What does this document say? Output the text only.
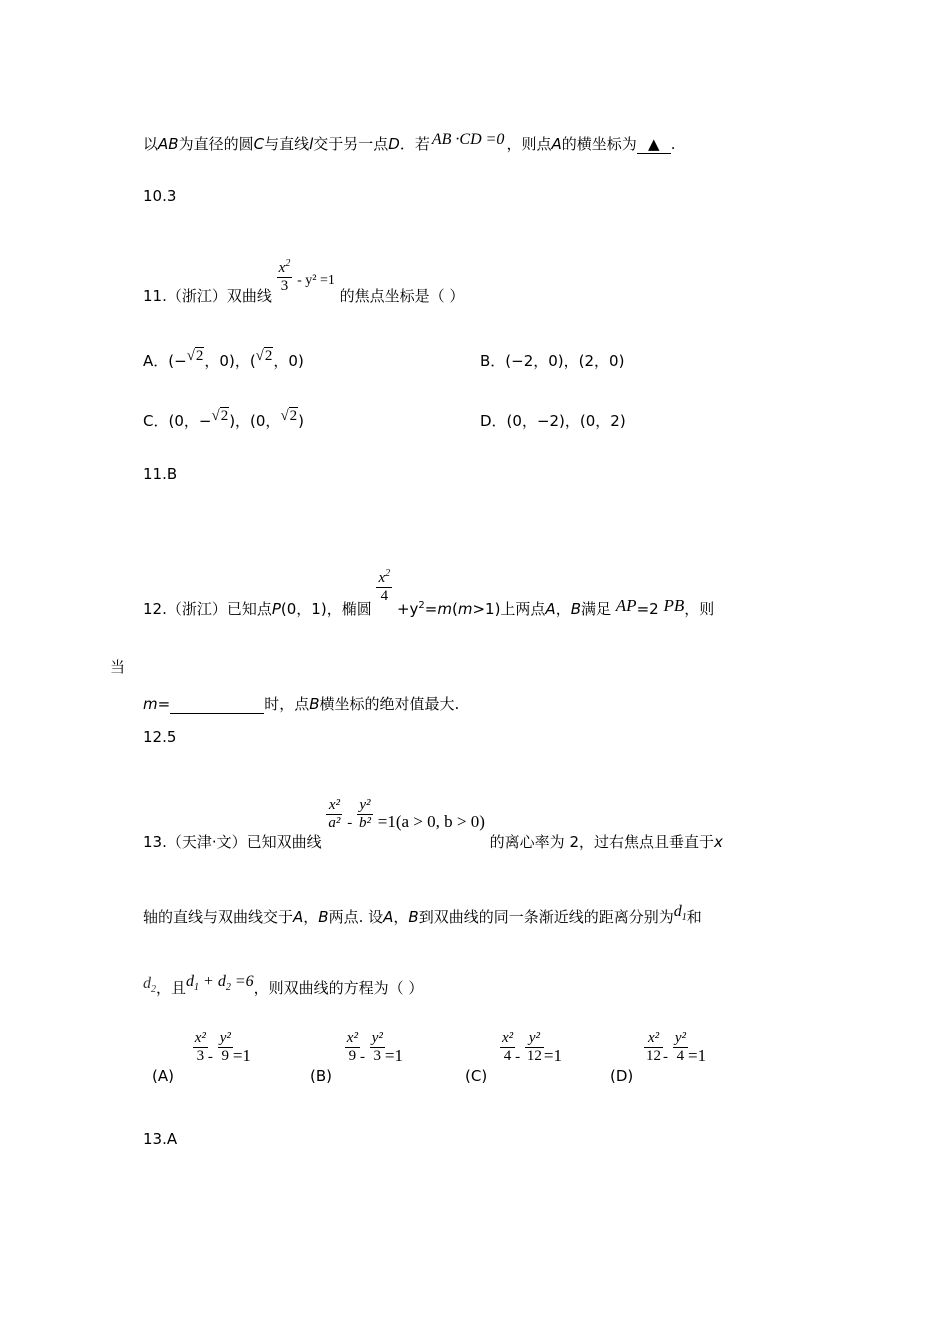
以AB为直径的圆C与直线l交于另一点D．若 AB ·CD =0 ，则点A的横坐标为 ▲ .
10.3
11.（浙江）双曲线
$\frac{x^2}{3} - y^2 =1$ 的焦点坐标是（ ）
A．(−√2，0)，(√2，0)	B．(−2，0)，(2，0)
C．(0，−√2)，(0，√2)	D．(0，−2)，(0，2)
11.B
12.（浙江）已知点P(0，1)，椭圆
$\frac{x^2}{4}$
$+y^2=m(m>1)$上两点A，B满足 AP=2 PB，则
当
m=	时，点B横坐标的绝对值最大.
12.5
13.（天津·文）已知双曲线
$\frac{\text{x²}}{\text{a²}} - \frac{\text{y²}}{\text{b²}} =1(a > 0$, b > 0) 的离心率为 2，过右焦点且垂直于x
轴的直线与双曲线交于A，B两点. 设A，B到双曲线的同一条渐近线的距离分别为$d_1$和
$d_2$，且$d_1 + d_2 =6$，则双曲线的方程为（ ）
(A)
$\frac{\text{x²}}{3} - \frac{\text{y²}}{9} =1$
(B)
$\frac{\text{x²}}{9} - \frac{\text{y²}}{3} =1$
(C)
$\frac{\text{x²}}{4} - \frac{\text{y²}}{12} =1$
(D)
$\frac{\text{x²}}{12} - \frac{\text{y²}}{4} =1$
13.A
